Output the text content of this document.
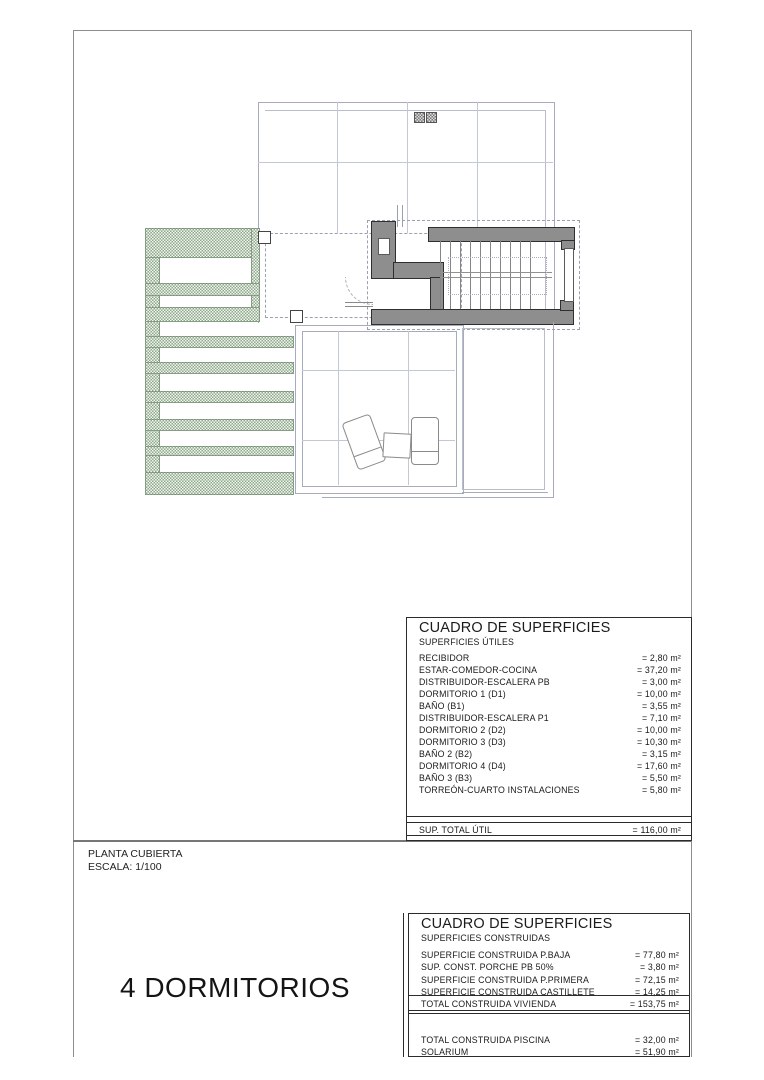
CUADRO DE SUPERFICIES
SUPERFICIES ÚTILES
RECIBIDOR	= 2,80 m²
ESTAR-COMEDOR-COCINA	= 37,20 m²
DISTRIBUIDOR-ESCALERA PB	= 3,00 m²
DORMITORIO 1 (D1)	= 10,00 m²
BAÑO (B1)	= 3,55 m²
DISTRIBUIDOR-ESCALERA P1	= 7,10 m²
DORMITORIO 2 (D2)	= 10,00 m²
DORMITORIO 3 (D3)	= 10,30 m²
BAÑO 2 (B2)	= 3,15 m²
DORMITORIO 4 (D4)	= 17,60 m²
BAÑO 3 (B3)	= 5,50 m²
TORREÓN-CUARTO INSTALACIONES	= 5,80 m²
SUP. TOTAL ÚTIL	= 116,00 m²
PLANTA CUBIERTA
ESCALA: 1/100
4 DORMITORIOS
CUADRO DE SUPERFICIES
SUPERFICIES CONSTRUIDAS
SUPERFICIE CONSTRUIDA P.BAJA	= 77,80 m²
SUP. CONST. PORCHE PB 50%	= 3,80 m²
SUPERFICIE CONSTRUIDA P.PRIMERA	= 72,15 m²
SUPERFICIE CONSTRUIDA CASTILLETE	= 14,25 m²
TOTAL CONSTRUIDA VIVIENDA	= 153,75 m²
TOTAL CONSTRUIDA PISCINA	= 32,00 m²
SOLARIUM	= 51,90 m²
